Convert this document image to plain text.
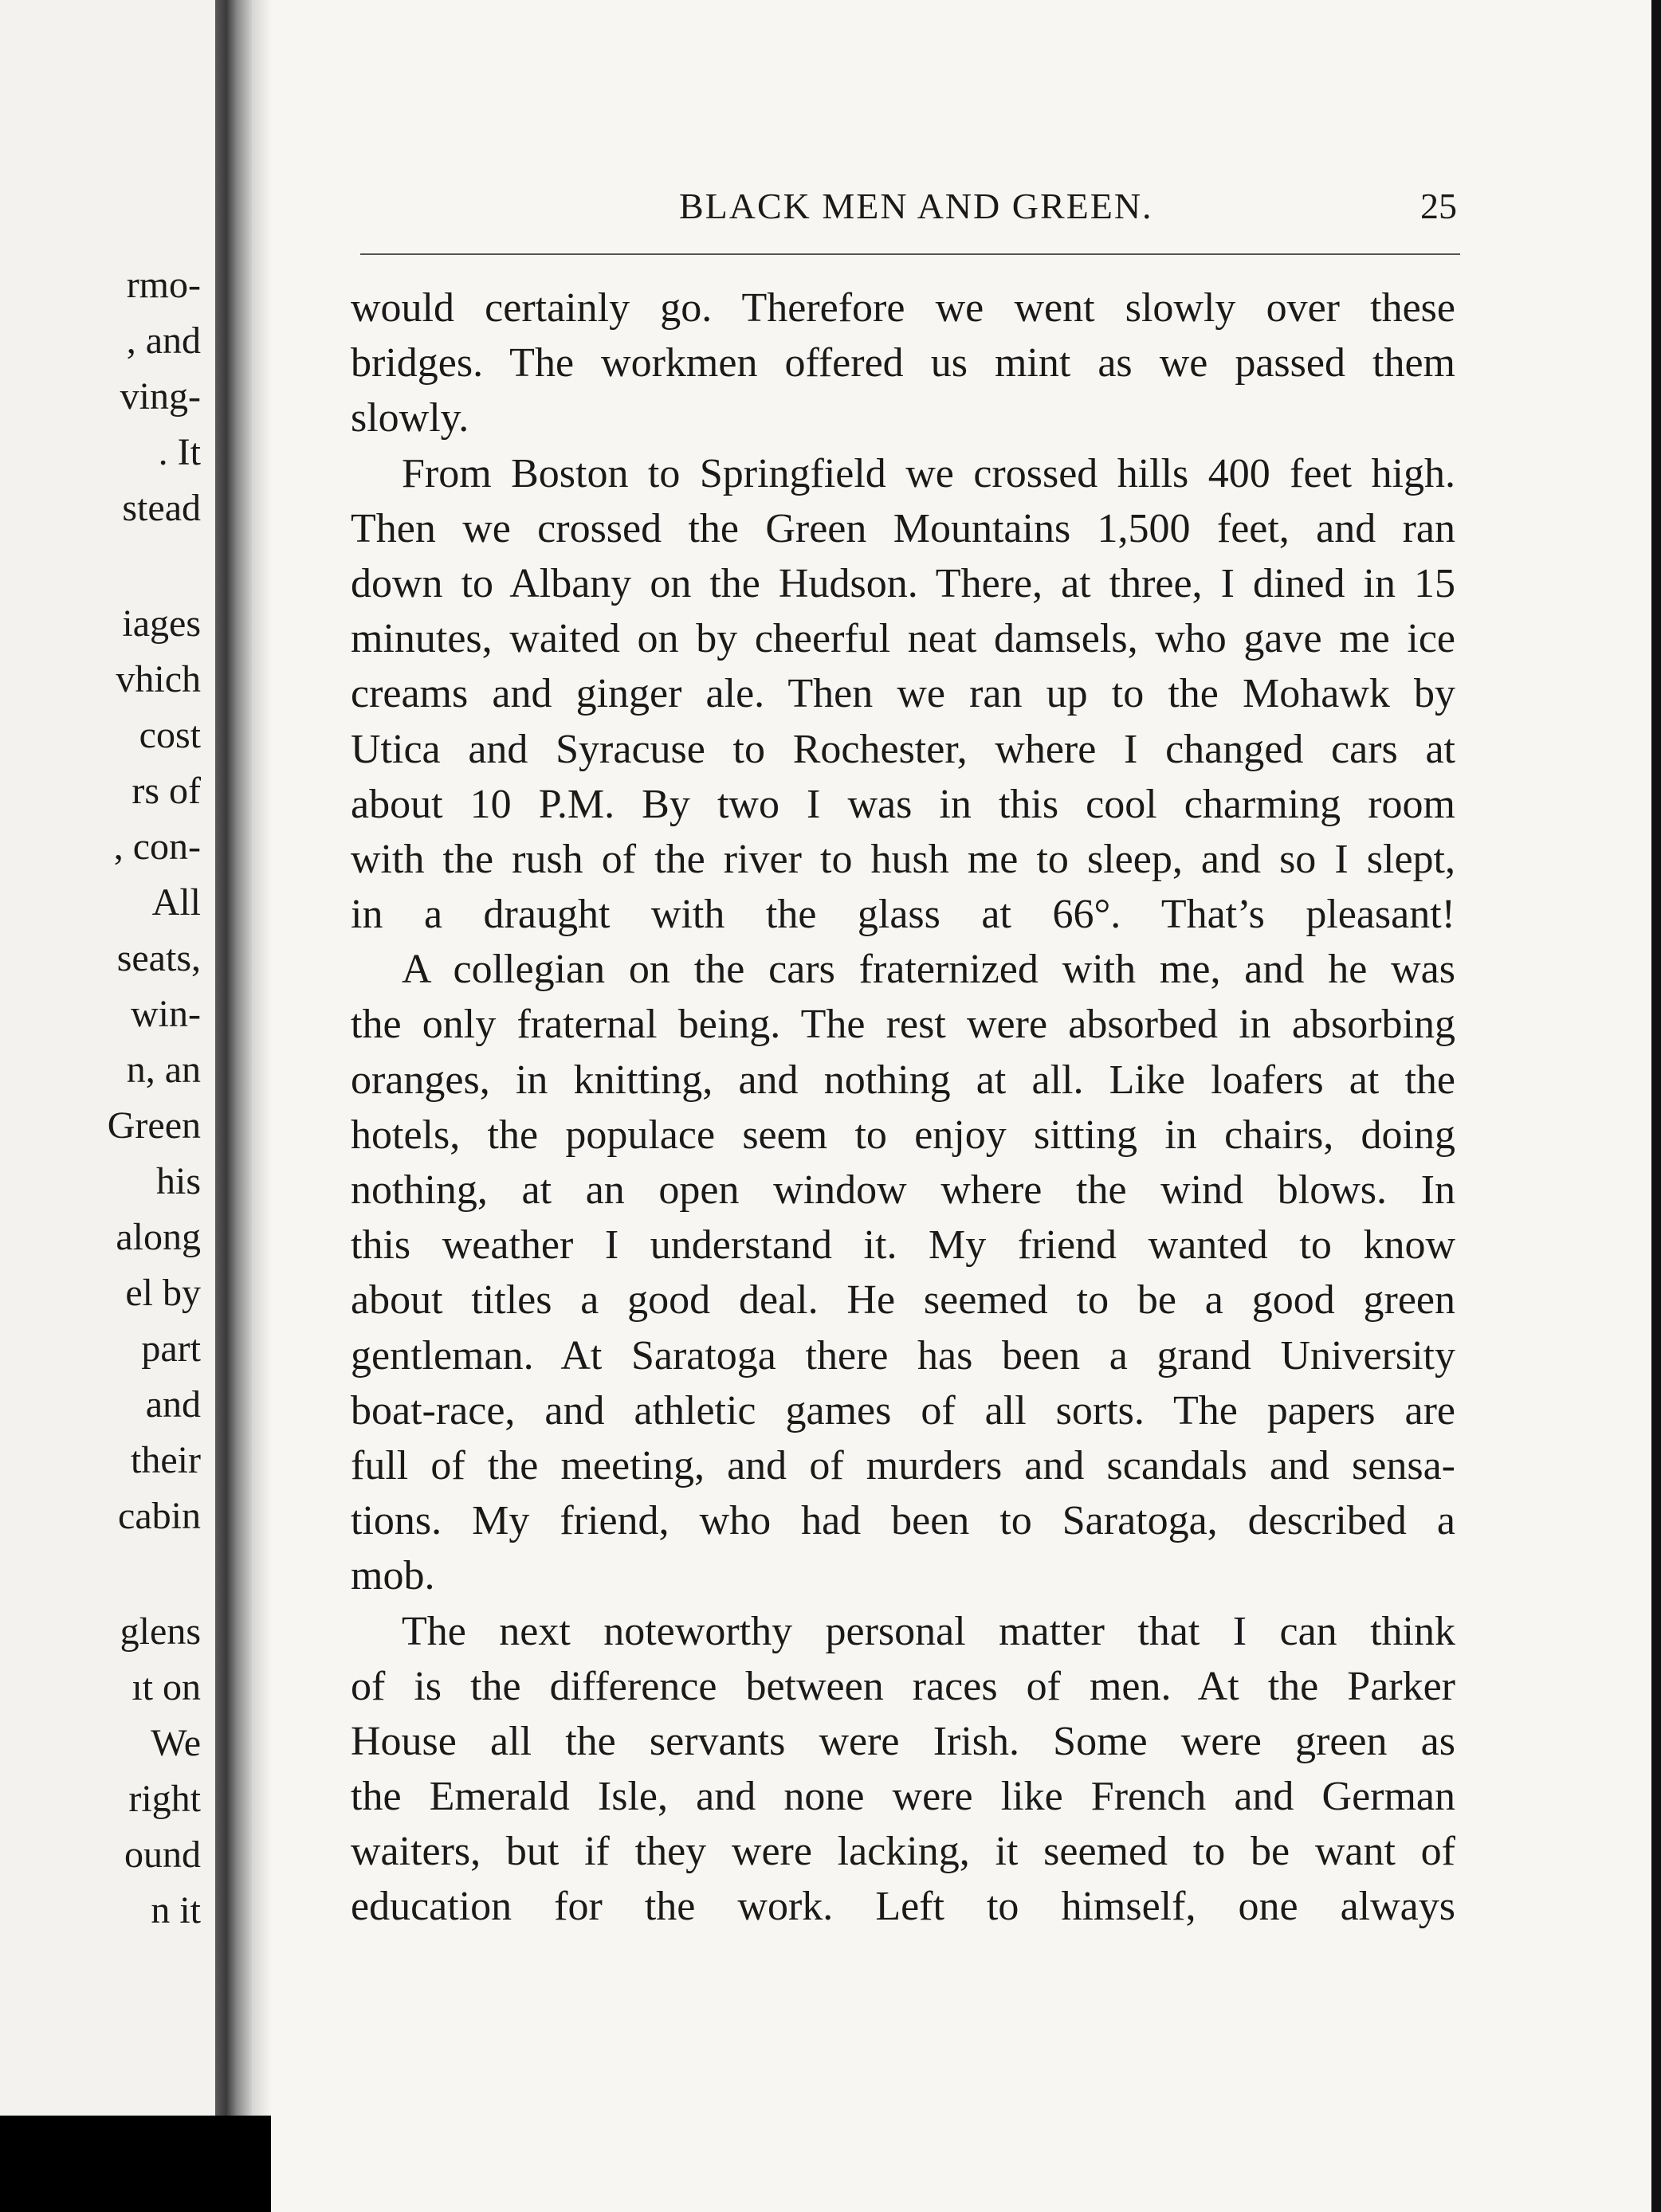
rmo-
, and
ving-
. It
stead
iages
vhich
cost
rs of
, con-
All
seats,
win-
n, an
Green
his
along
el by
part
and
their
cabin
glens
ıt on
We
right
ound
n it
BLACK MEN AND GREEN.	25
would certainly go. Therefore we went slowly over these
bridges. The workmen offered us mint as we passed them
slowly.
From Boston to Springfield we crossed hills 400 feet high.
Then we crossed the Green Mountains 1,500 feet, and ran
down to Albany on the Hudson. There, at three, I dined in 15
minutes, waited on by cheerful neat damsels, who gave me ice
creams and ginger ale. Then we ran up to the Mohawk by
Utica and Syracuse to Rochester, where I changed cars at
about 10 P.M. By two I was in this cool charming room
with the rush of the river to hush me to sleep, and so I slept,
in a draught with the glass at 66°. That’s pleasant!
A collegian on the cars fraternized with me, and he was
the only fraternal being. The rest were absorbed in absorbing
oranges, in knitting, and nothing at all. Like loafers at the
hotels, the populace seem to enjoy sitting in chairs, doing
nothing, at an open window where the wind blows. In
this weather I understand it. My friend wanted to know
about titles a good deal. He seemed to be a good green
gentleman. At Saratoga there has been a grand University
boat-race, and athletic games of all sorts. The papers are
full of the meeting, and of murders and scandals and sensa-
tions. My friend, who had been to Saratoga, described a
mob.
The next noteworthy personal matter that I can think
of is the difference between races of men. At the Parker
House all the servants were Irish. Some were green as
the Emerald Isle, and none were like French and German
waiters, but if they were lacking, it seemed to be want of
education for the work. Left to himself, one always
